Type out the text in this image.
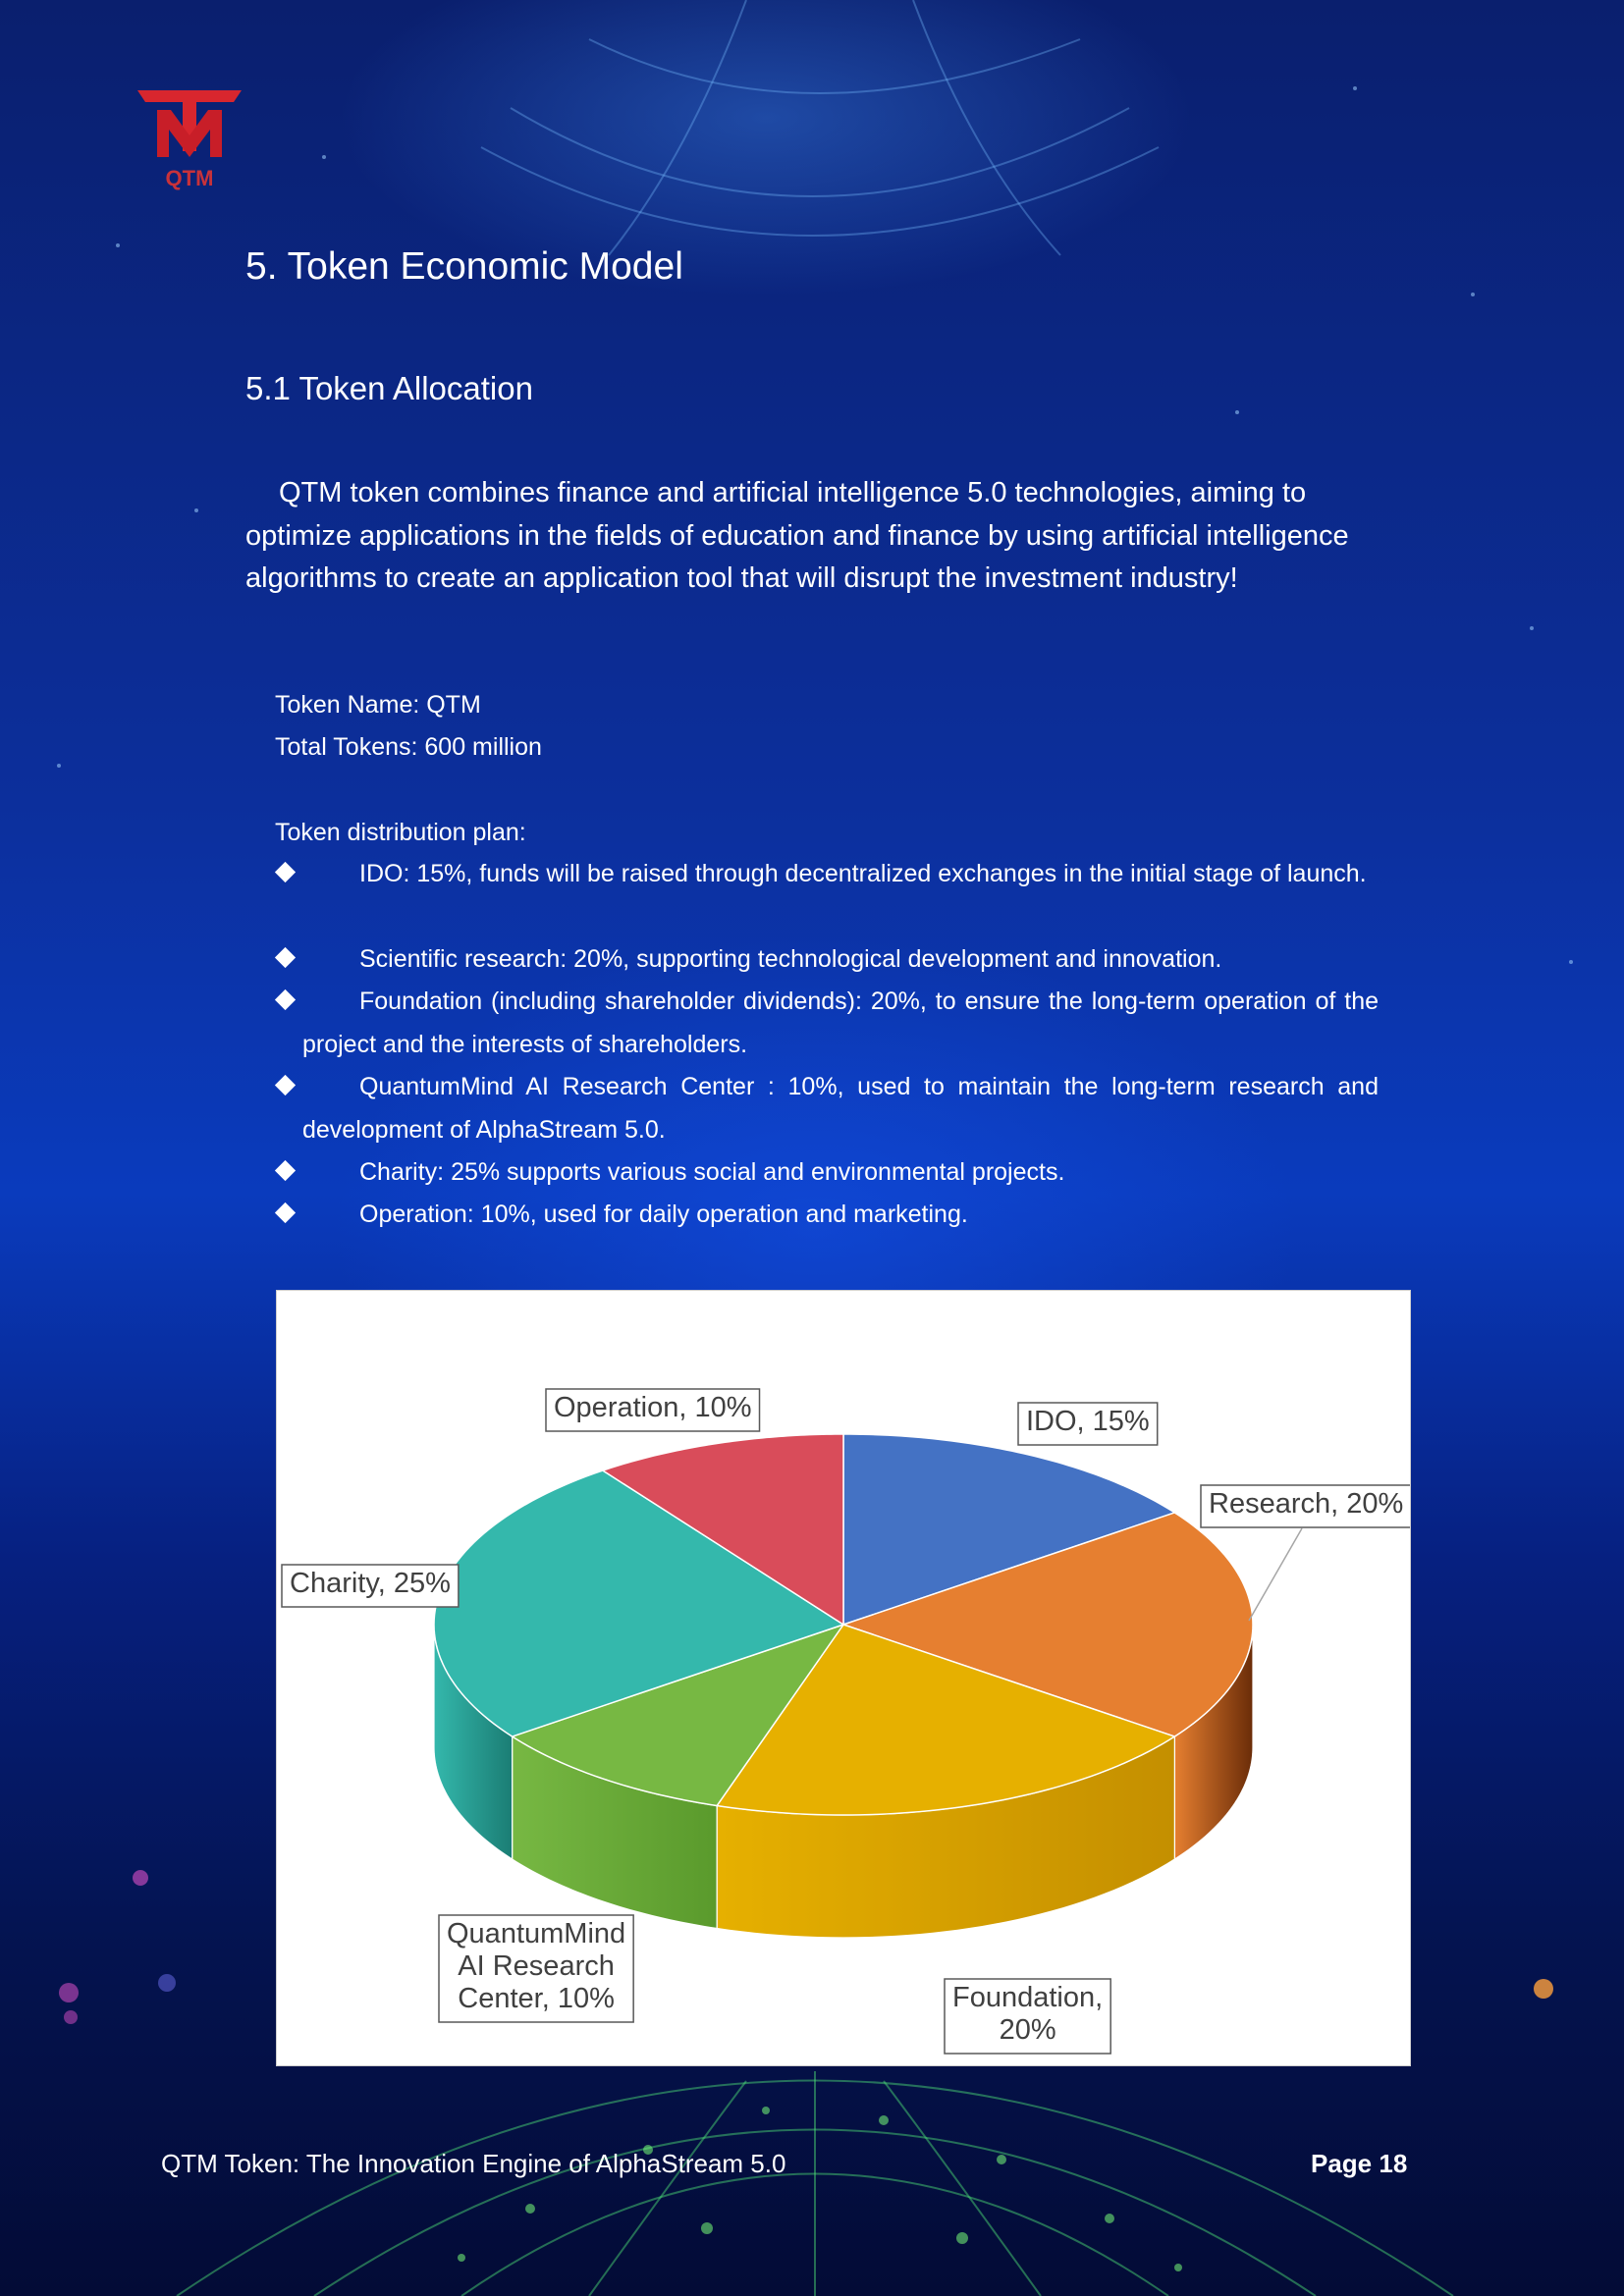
QTM
5. Token Economic Model
5.1 Token Allocation
QTM token combines finance and artificial intelligence 5.0 technologies, aiming to optimize applications in the fields of education and finance by using artificial intelligence algorithms to create an application tool that will disrupt the investment industry!
Token Name: QTM
Total Tokens: 600 million
Token distribution plan:
IDO: 15%, funds will be raised through decentralized exchanges in the initial stage of launch.
Scientific research: 20%, supporting technological development and innovation.
Foundation (including shareholder dividends): 20%, to ensure the long-term operation of the project and the interests of shareholders.
QuantumMind AI Research Center : 10%, used to maintain the long-term research and development of AlphaStream 5.0.
Charity: 25% supports various social and environmental projects.
Operation: 10%, used for daily operation and marketing.
IDO, 15%
Research, 20%
Foundation, 20%
QuantumMind AI Research Center, 10%
Charity, 25%
Operation, 10%
QTM Token: The Innovation Engine of AlphaStream 5.0	Page 18
